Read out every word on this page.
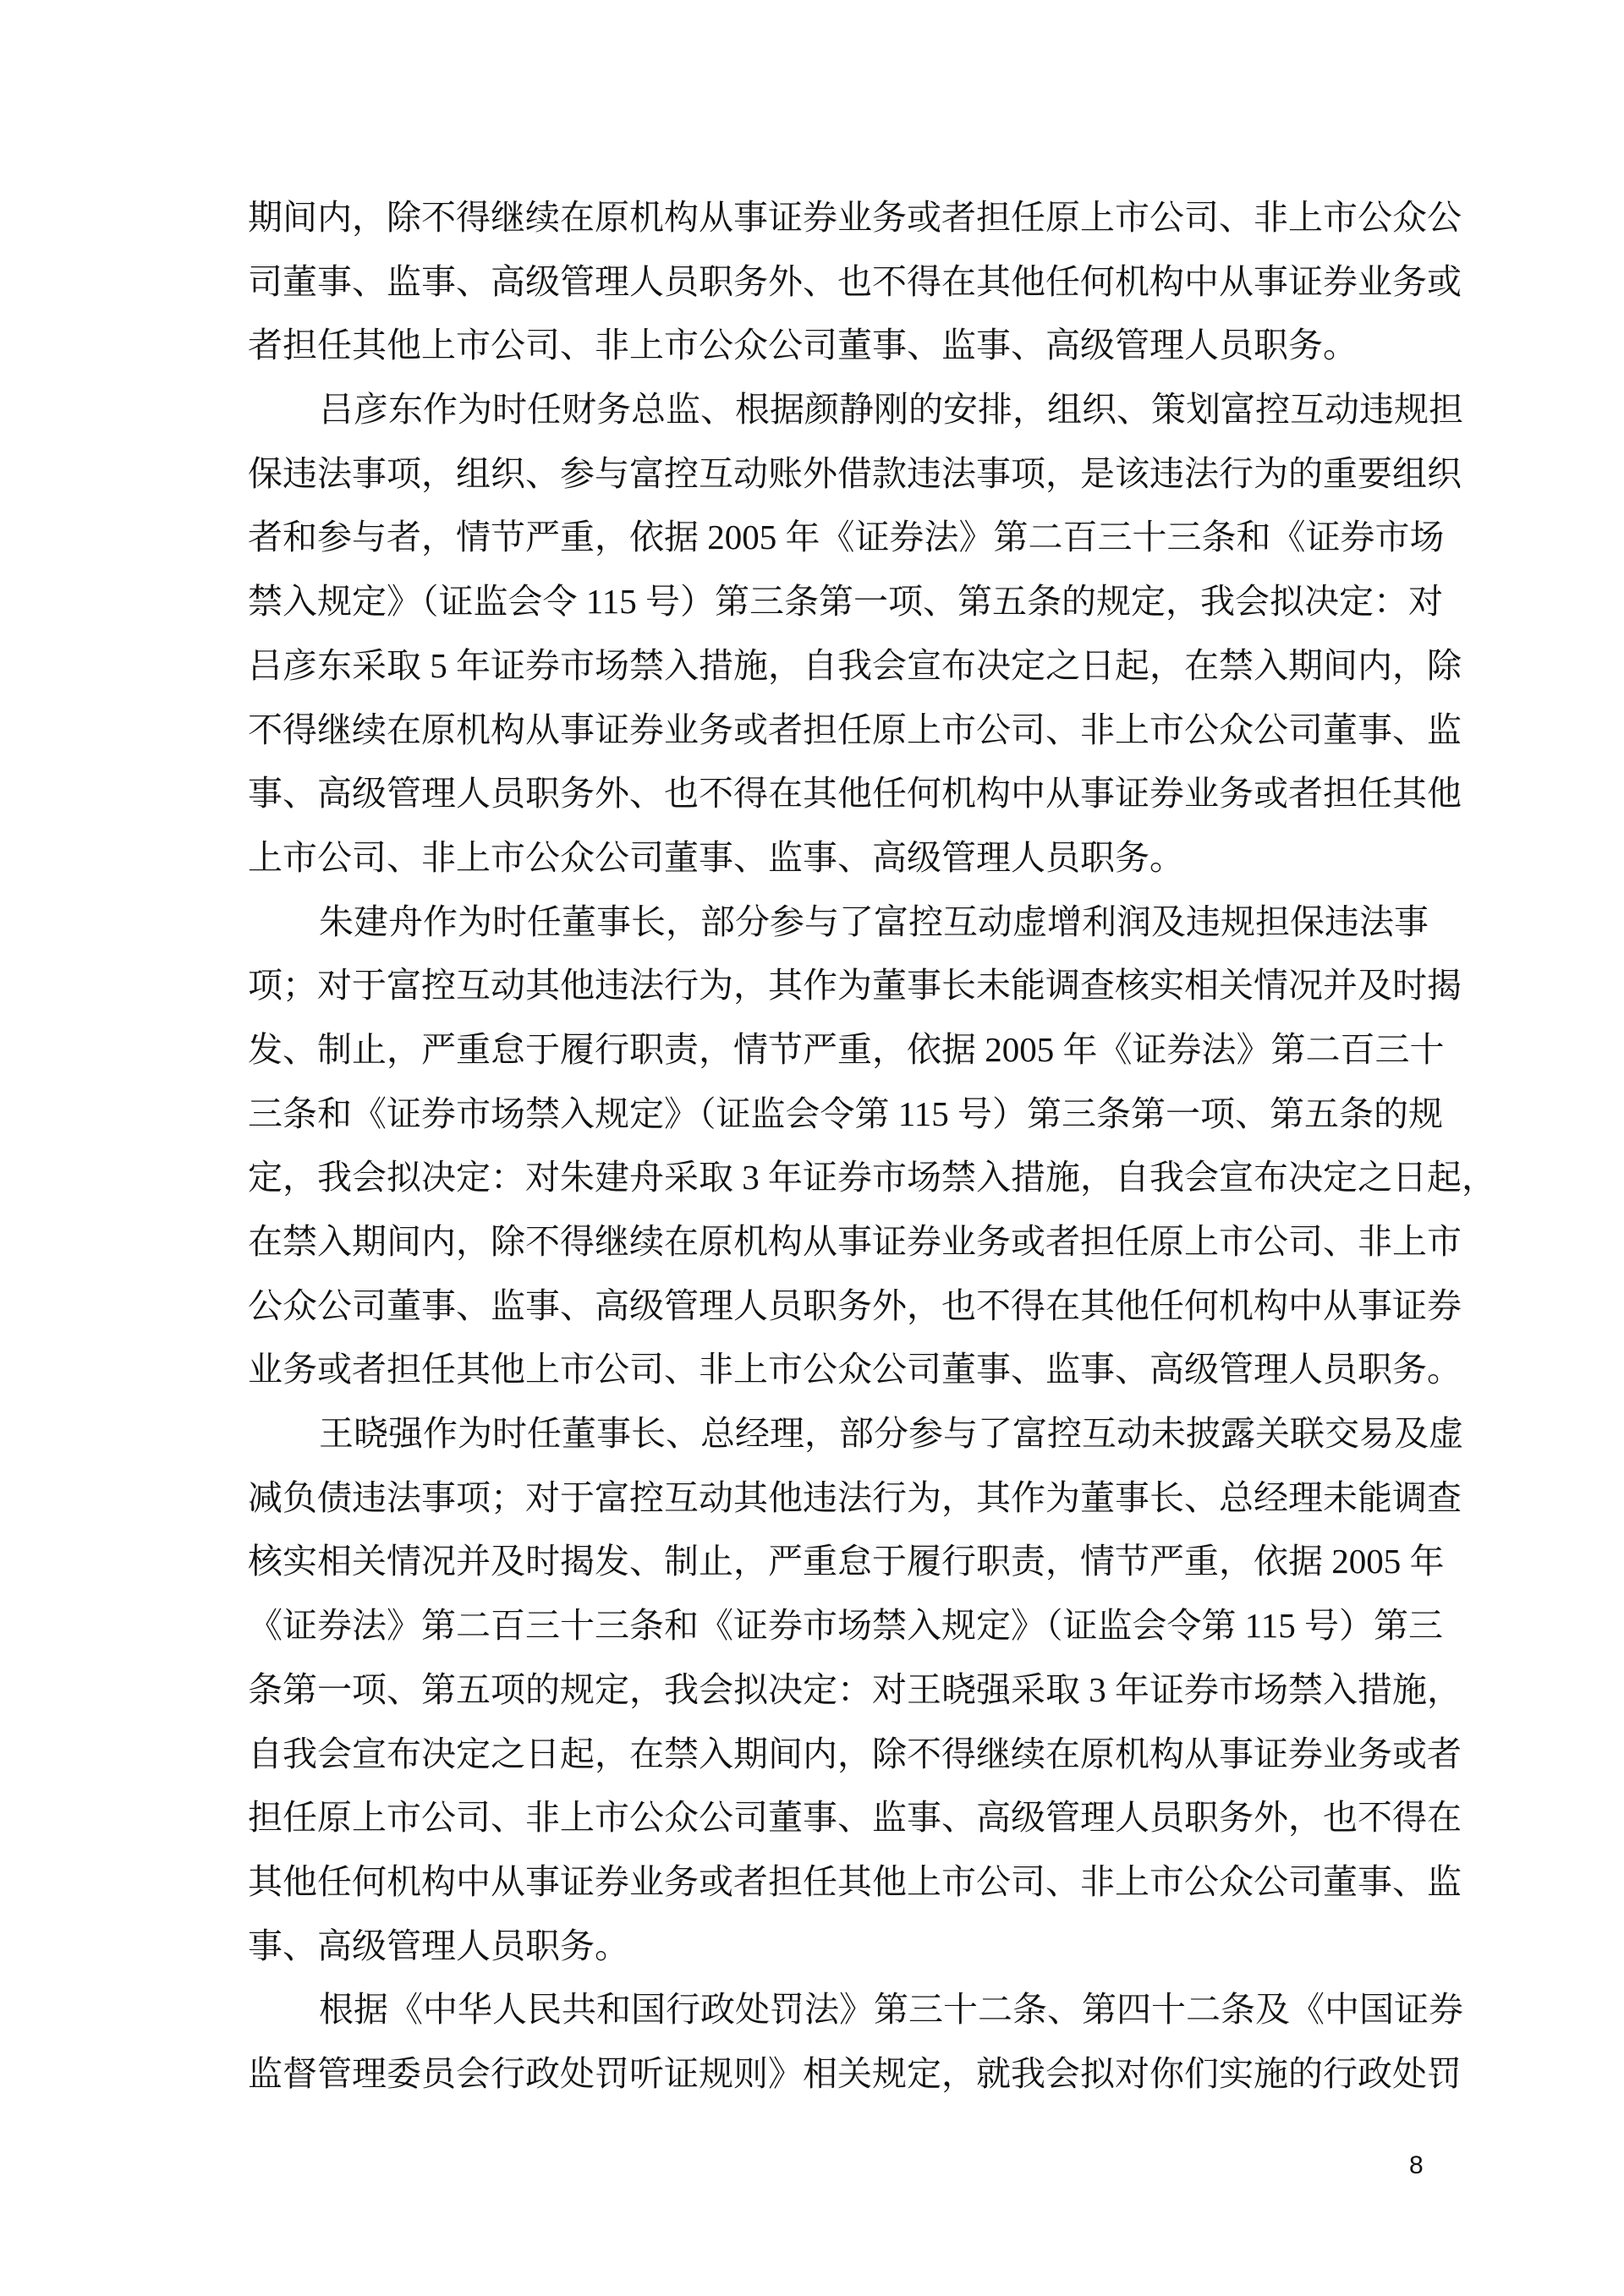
期间内，除不得继续在原机构从事证券业务或者担任原上市公司、非上市公众公
司董事、监事、高级管理人员职务外、也不得在其他任何机构中从事证券业务或
者担任其他上市公司、非上市公众公司董事、监事、高级管理人员职务。
吕彦东作为时任财务总监、根据颜静刚的安排，组织、策划富控互动违规担
保违法事项，组织、参与富控互动账外借款违法事项，是该违法行为的重要组织
者和参与者，情节严重，依据 2005 年《证券法》第二百三十三条和《证券市场
禁入规定》（证监会令 115 号）第三条第一项、第五条的规定，我会拟决定：对
吕彦东采取 5 年证券市场禁入措施，自我会宣布决定之日起，在禁入期间内，除
不得继续在原机构从事证券业务或者担任原上市公司、非上市公众公司董事、监
事、高级管理人员职务外、也不得在其他任何机构中从事证券业务或者担任其他
上市公司、非上市公众公司董事、监事、高级管理人员职务。
朱建舟作为时任董事长，部分参与了富控互动虚增利润及违规担保违法事
项；对于富控互动其他违法行为，其作为董事长未能调查核实相关情况并及时揭
发、制止，严重怠于履行职责，情节严重，依据 2005 年《证券法》第二百三十
三条和《证券市场禁入规定》（证监会令第 115 号）第三条第一项、第五条的规
定，我会拟决定：对朱建舟采取 3 年证券市场禁入措施，自我会宣布决定之日起，
在禁入期间内，除不得继续在原机构从事证券业务或者担任原上市公司、非上市
公众公司董事、监事、高级管理人员职务外，也不得在其他任何机构中从事证券
业务或者担任其他上市公司、非上市公众公司董事、监事、高级管理人员职务。
王晓强作为时任董事长、总经理，部分参与了富控互动未披露关联交易及虚
减负债违法事项；对于富控互动其他违法行为，其作为董事长、总经理未能调查
核实相关情况并及时揭发、制止，严重怠于履行职责，情节严重，依据 2005 年
《证券法》第二百三十三条和《证券市场禁入规定》（证监会令第 115 号）第三
条第一项、第五项的规定，我会拟决定：对王晓强采取 3 年证券市场禁入措施，
自我会宣布决定之日起，在禁入期间内，除不得继续在原机构从事证券业务或者
担任原上市公司、非上市公众公司董事、监事、高级管理人员职务外，也不得在
其他任何机构中从事证券业务或者担任其他上市公司、非上市公众公司董事、监
事、高级管理人员职务。
根据《中华人民共和国行政处罚法》第三十二条、第四十二条及《中国证券
监督管理委员会行政处罚听证规则》相关规定，就我会拟对你们实施的行政处罚
8
